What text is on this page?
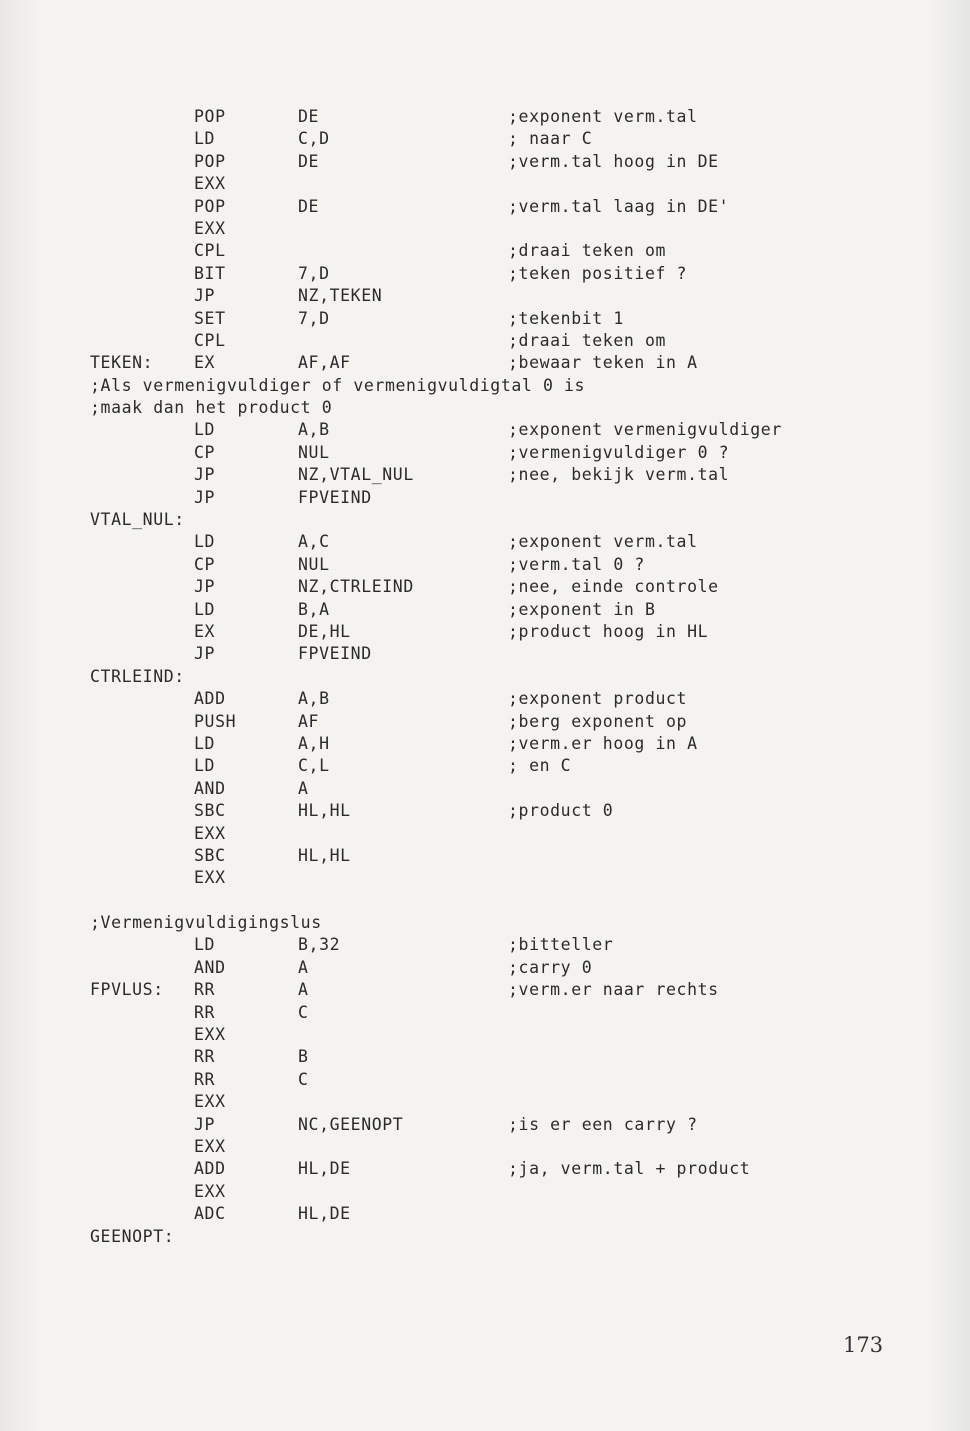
POP	DE	;exponent verm.tal
LD	C,D	; naar C
POP	DE	;verm.tal hoog in DE
EXX
POP	DE	;verm.tal laag in DE'
EXX
CPL	;draai teken om
BIT	7,D	;teken positief ?
JP	NZ,TEKEN
SET	7,D	;tekenbit 1
CPL	;draai teken om
TEKEN: EX	AF,AF	;bewaar teken in A
;Als vermenigvuldiger of vermenigvuldigtal 0 is
;maak dan het product 0
LD	A,B	;exponent vermenigvuldiger
CP	NUL	;vermenigvuldiger 0 ?
JP	NZ,VTAL_NUL	;nee, bekijk verm.tal
JP	FPVEIND
VTAL_NUL:
LD	A,C	;exponent verm.tal
CP	NUL	;verm.tal 0 ?
JP	NZ,CTRLEIND	;nee, einde controle
LD	B,A	;exponent in B
EX	DE,HL	;product hoog in HL
JP	FPVEIND
CTRLEIND:
ADD	A,B	;exponent product
PUSH	AF	;berg exponent op
LD	A,H	;verm.er hoog in A
LD	C,L	; en C
AND	A
SBC	HL,HL	;product 0
EXX
SBC	HL,HL
EXX
;Vermenigvuldigingslus
LD	B,32	;bitteller
AND	A	;carry 0
FPVLUS: RR	A	;verm.er naar rechts
RR	C
EXX
RR	B
RR	C
EXX
JP	NC,GEENOPT	;is er een carry ?
EXX
ADD	HL,DE	;ja, verm.tal + product
EXX
ADC	HL,DE
GEENOPT:
173
